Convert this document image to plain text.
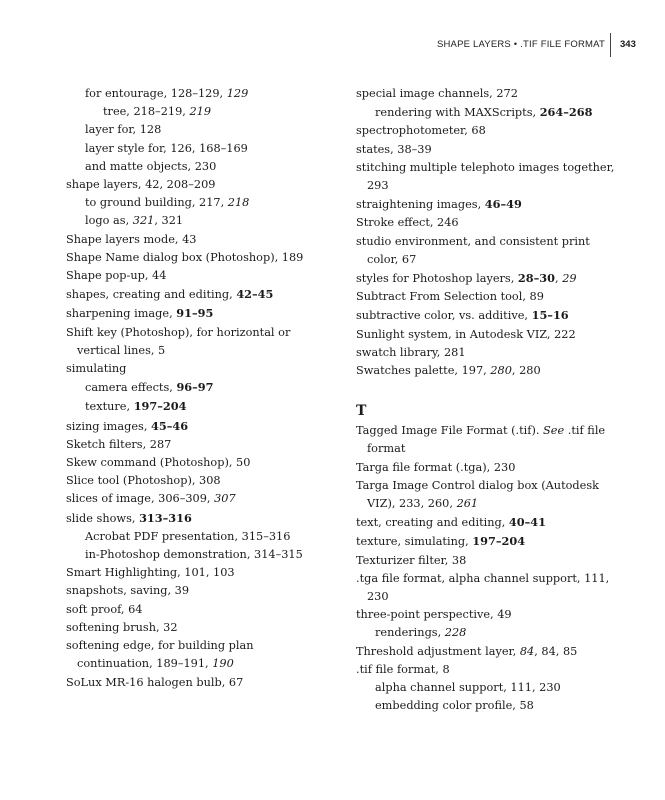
SHAPE LAYERS • .TIF FILE FORMAT 343
for entourage, 128–129, 129
tree, 218–219, 219
layer for, 128
layer style for, 126, 168–169
and matte objects, 230
shape layers, 42, 208–209
to ground building, 217, 218
logo as, 321, 321
Shape layers mode, 43
Shape Name dialog box (Photoshop), 189
Shape pop-up, 44
shapes, creating and editing, 42–45
sharpening image, 91–95
Shift key (Photoshop), for horizontal or vertical lines, 5
simulating
camera effects, 96–97
texture, 197–204
sizing images, 45–46
Sketch filters, 287
Skew command (Photoshop), 50
Slice tool (Photoshop), 308
slices of image, 306–309, 307
slide shows, 313–316
Acrobat PDF presentation, 315–316
in-Photoshop demonstration, 314–315
Smart Highlighting, 101, 103
snapshots, saving, 39
soft proof, 64
softening brush, 32
softening edge, for building plan continuation, 189–191, 190
SoLux MR-16 halogen bulb, 67
special image channels, 272
rendering with MAXScripts, 264–268
spectrophotometer, 68
states, 38–39
stitching multiple telephoto images together, 293
straightening images, 46–49
Stroke effect, 246
studio environment, and consistent print color, 67
styles for Photoshop layers, 28–30, 29
Subtract From Selection tool, 89
subtractive color, vs. additive, 15–16
Sunlight system, in Autodesk VIZ, 222
swatch library, 281
Swatches palette, 197, 280, 280
T
Tagged Image File Format (.tif). See .tif file format
Targa file format (.tga), 230
Targa Image Control dialog box (Autodesk VIZ), 233, 260, 261
text, creating and editing, 40–41
texture, simulating, 197–204
Texturizer filter, 38
.tga file format, alpha channel support, 111, 230
three-point perspective, 49
renderings, 228
Threshold adjustment layer, 84, 84, 85
.tif file format, 8
alpha channel support, 111, 230
embedding color profile, 58
